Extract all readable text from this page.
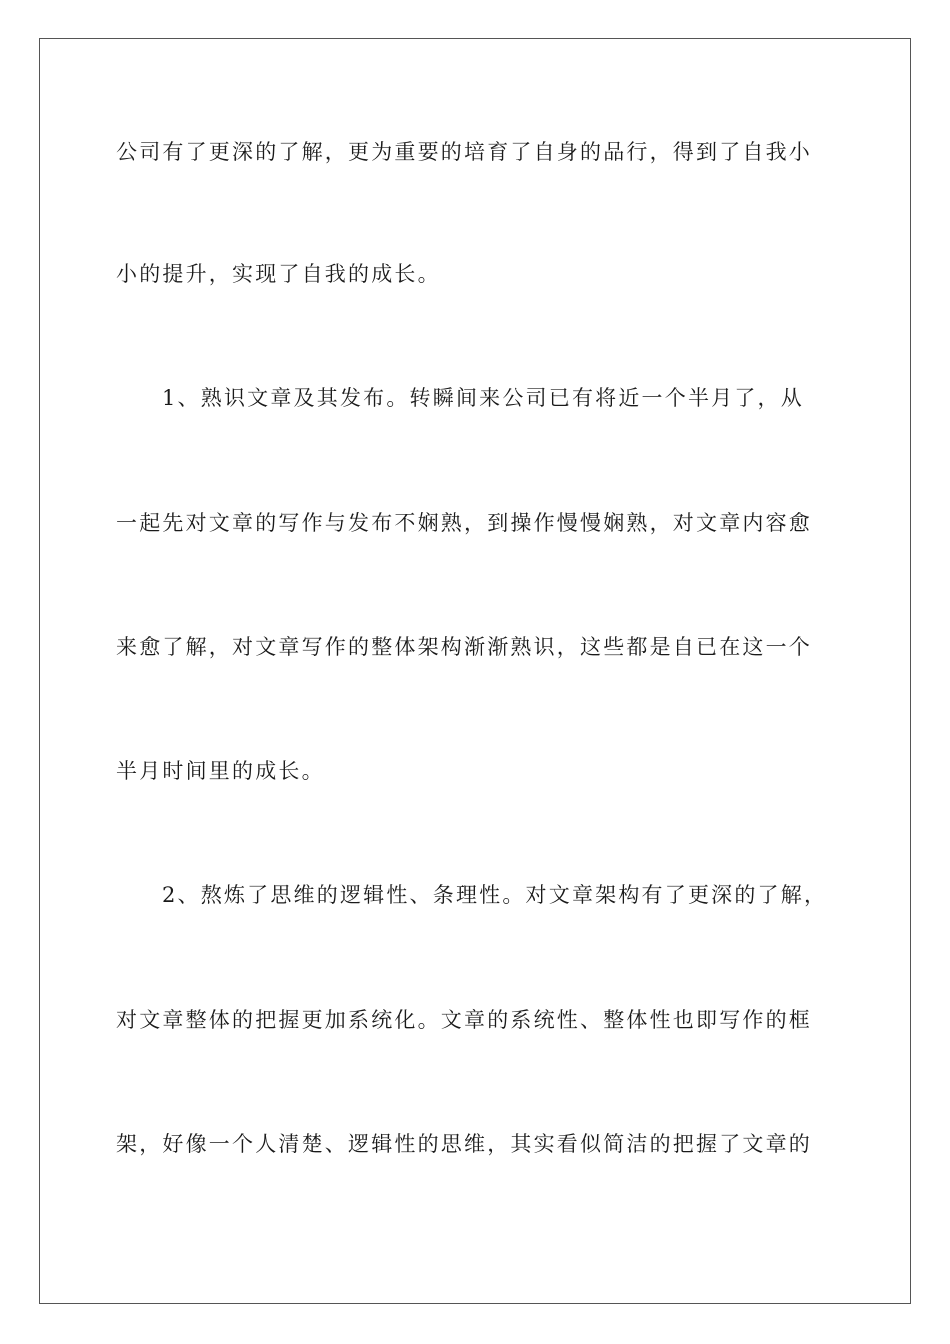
公司有了更深的了解，更为重要的培育了自身的品行，得到了自我小
小的提升，实现了自我的成长。
1、熟识文章及其发布。转瞬间来公司已有将近一个半月了，从
一起先对文章的写作与发布不娴熟，到操作慢慢娴熟，对文章内容愈
来愈了解，对文章写作的整体架构渐渐熟识，这些都是自已在这一个
半月时间里的成长。
2、熬炼了思维的逻辑性、条理性。对文章架构有了更深的了解，
对文章整体的把握更加系统化。文章的系统性、整体性也即写作的框
架，好像一个人清楚、逻辑性的思维，其实看似简洁的把握了文章的
